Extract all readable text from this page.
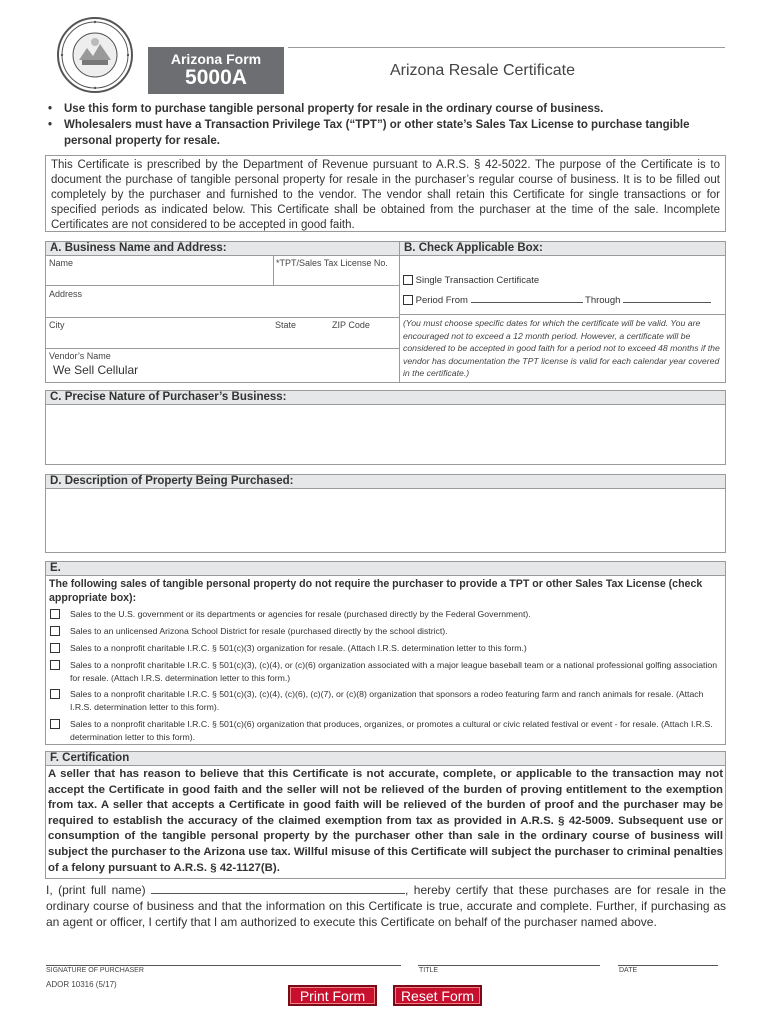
Arizona Form
5000A	Arizona Resale Certificate
• Use this form to purchase tangible personal property for resale in the ordinary course of business.
• Wholesalers must have a Transaction Privilege Tax (“TPT”) or other state’s Sales Tax License to purchase tangible personal property for resale.
This Certificate is prescribed by the Department of Revenue pursuant to A.R.S. § 42-5022. The purpose of the Certificate is to document the purchase of tangible personal property for resale in the purchaser’s regular course of business. It is to be filled out completely by the purchaser and furnished to the vendor. The vendor shall retain this Certificate for single transactions or for specified periods as indicated below. This Certificate shall be obtained from the purchaser at the time of the sale. Incomplete Certificates are not considered to be accepted in good faith.
A. Business Name and Address:	B. Check Applicable Box:
Name	*TPT/Sales Tax License No.
Address
City	State	ZIP Code
Vendor’s Name
We Sell Cellular
Single Transaction Certificate
Period From	Through
(You must choose specific dates for which the certificate will be valid. You are encouraged not to exceed a 12 month period. However, a certificate will be considered to be accepted in good faith for a period not to exceed 48 months if the vendor has documentation the TPT license is valid for each calendar year covered in the certificate.)
C. Precise Nature of Purchaser’s Business:
D. Description of Property Being Purchased:
E.
The following sales of tangible personal property do not require the purchaser to provide a TPT or other Sales Tax License (check appropriate box):
Sales to the U.S. government or its departments or agencies for resale (purchased directly by the Federal Government).
Sales to an unlicensed Arizona School District for resale (purchased directly by the school district).
Sales to a nonprofit charitable I.R.C. § 501(c)(3) organization for resale. (Attach I.R.S. determination letter to this form.)
Sales to a nonprofit charitable I.R.C. § 501(c)(3), (c)(4), or (c)(6) organization associated with a major league baseball team or a national professional golfing association for resale. (Attach I.R.S. determination letter to this form.)
Sales to a nonprofit charitable I.R.C. § 501(c)(3), (c)(4), (c)(6), (c)(7), or (c)(8) organization that sponsors a rodeo featuring farm and ranch animals for resale. (Attach I.R.S. determination letter to this form).
Sales to a nonprofit charitable I.R.C. § 501(c)(6) organization that produces, organizes, or promotes a cultural or civic related festival or event - for resale. (Attach I.R.S. determination letter to this form).
F. Certification
A seller that has reason to believe that this Certificate is not accurate, complete, or applicable to the transaction may not accept the Certificate in good faith and the seller will not be relieved of the burden of proving entitlement to the exemption from tax. A seller that accepts a Certificate in good faith will be relieved of the burden of proof and the purchaser may be required to establish the accuracy of the claimed exemption from tax as provided in A.R.S. § 42-5009. Subsequent use or consumption of the tangible personal property by the purchaser other than sale in the ordinary course of business will subject the purchaser to the Arizona use tax. Willful misuse of this Certificate will subject the purchaser to criminal penalties of a felony pursuant to A.R.S. § 42-1127(B).
I, (print full name)	, hereby certify that these purchases are for resale in the ordinary course of business and that the information on this Certificate is true, accurate and complete. Further, if purchasing as an agent or officer, I certify that I am authorized to execute this Certificate on behalf of the purchaser named above.
SIGNATURE OF PURCHASER	TITLE	DATE
ADOR 10316 (5/17)
Print Form	Reset Form
